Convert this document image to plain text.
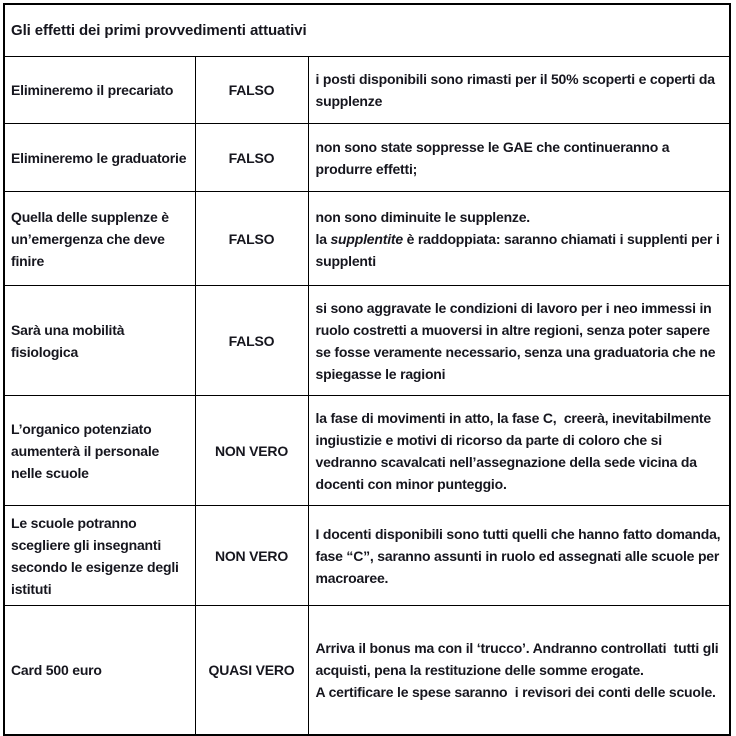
Gli effetti dei primi provvedimenti attuativi		
Elimineremo il precariato	FALSO	i posti disponibili sono rimasti per il 50% scoperti e coperti da supplenze

Elimineremo le graduatorie	FALSO	non sono state soppresse le GAE che continueranno a produrre effetti;

Quella delle supplenze è un’emergenza che deve finire	FALSO	non sono diminuite le supplenze.
la supplentite è raddoppiata: saranno chiamati i supplenti per i supplenti

Sarà una mobilità fisiologica	FALSO	si sono aggravate le condizioni di lavoro per i neo immessi in ruolo costretti a muoversi in altre regioni, senza poter sapere se fosse veramente necessario, senza una graduatoria che ne spiegasse le ragioni

L’organico potenziato aumenterà il personale nelle scuole	NON VERO	la fase di movimenti in atto, la fase C,  creerà, inevitabilmente ingiustizie e motivi di ricorso da parte di coloro che si vedranno scavalcati nell’assegnazione della sede vicina da docenti con minor punteggio.

Le scuole potranno scegliere gli insegnanti secondo le esigenze degli istituti	NON VERO	I docenti disponibili sono tutti quelli che hanno fatto domanda, fase “C”, saranno assunti in ruolo ed assegnati alle scuole per macroaree.

Card 500 euro	QUASI VERO	Arriva il bonus ma con il ‘trucco’. Andranno controllati  tutti gli acquisti, pena la restituzione delle somme erogate.
A certificare le spese saranno  i revisori dei conti delle scuole.
